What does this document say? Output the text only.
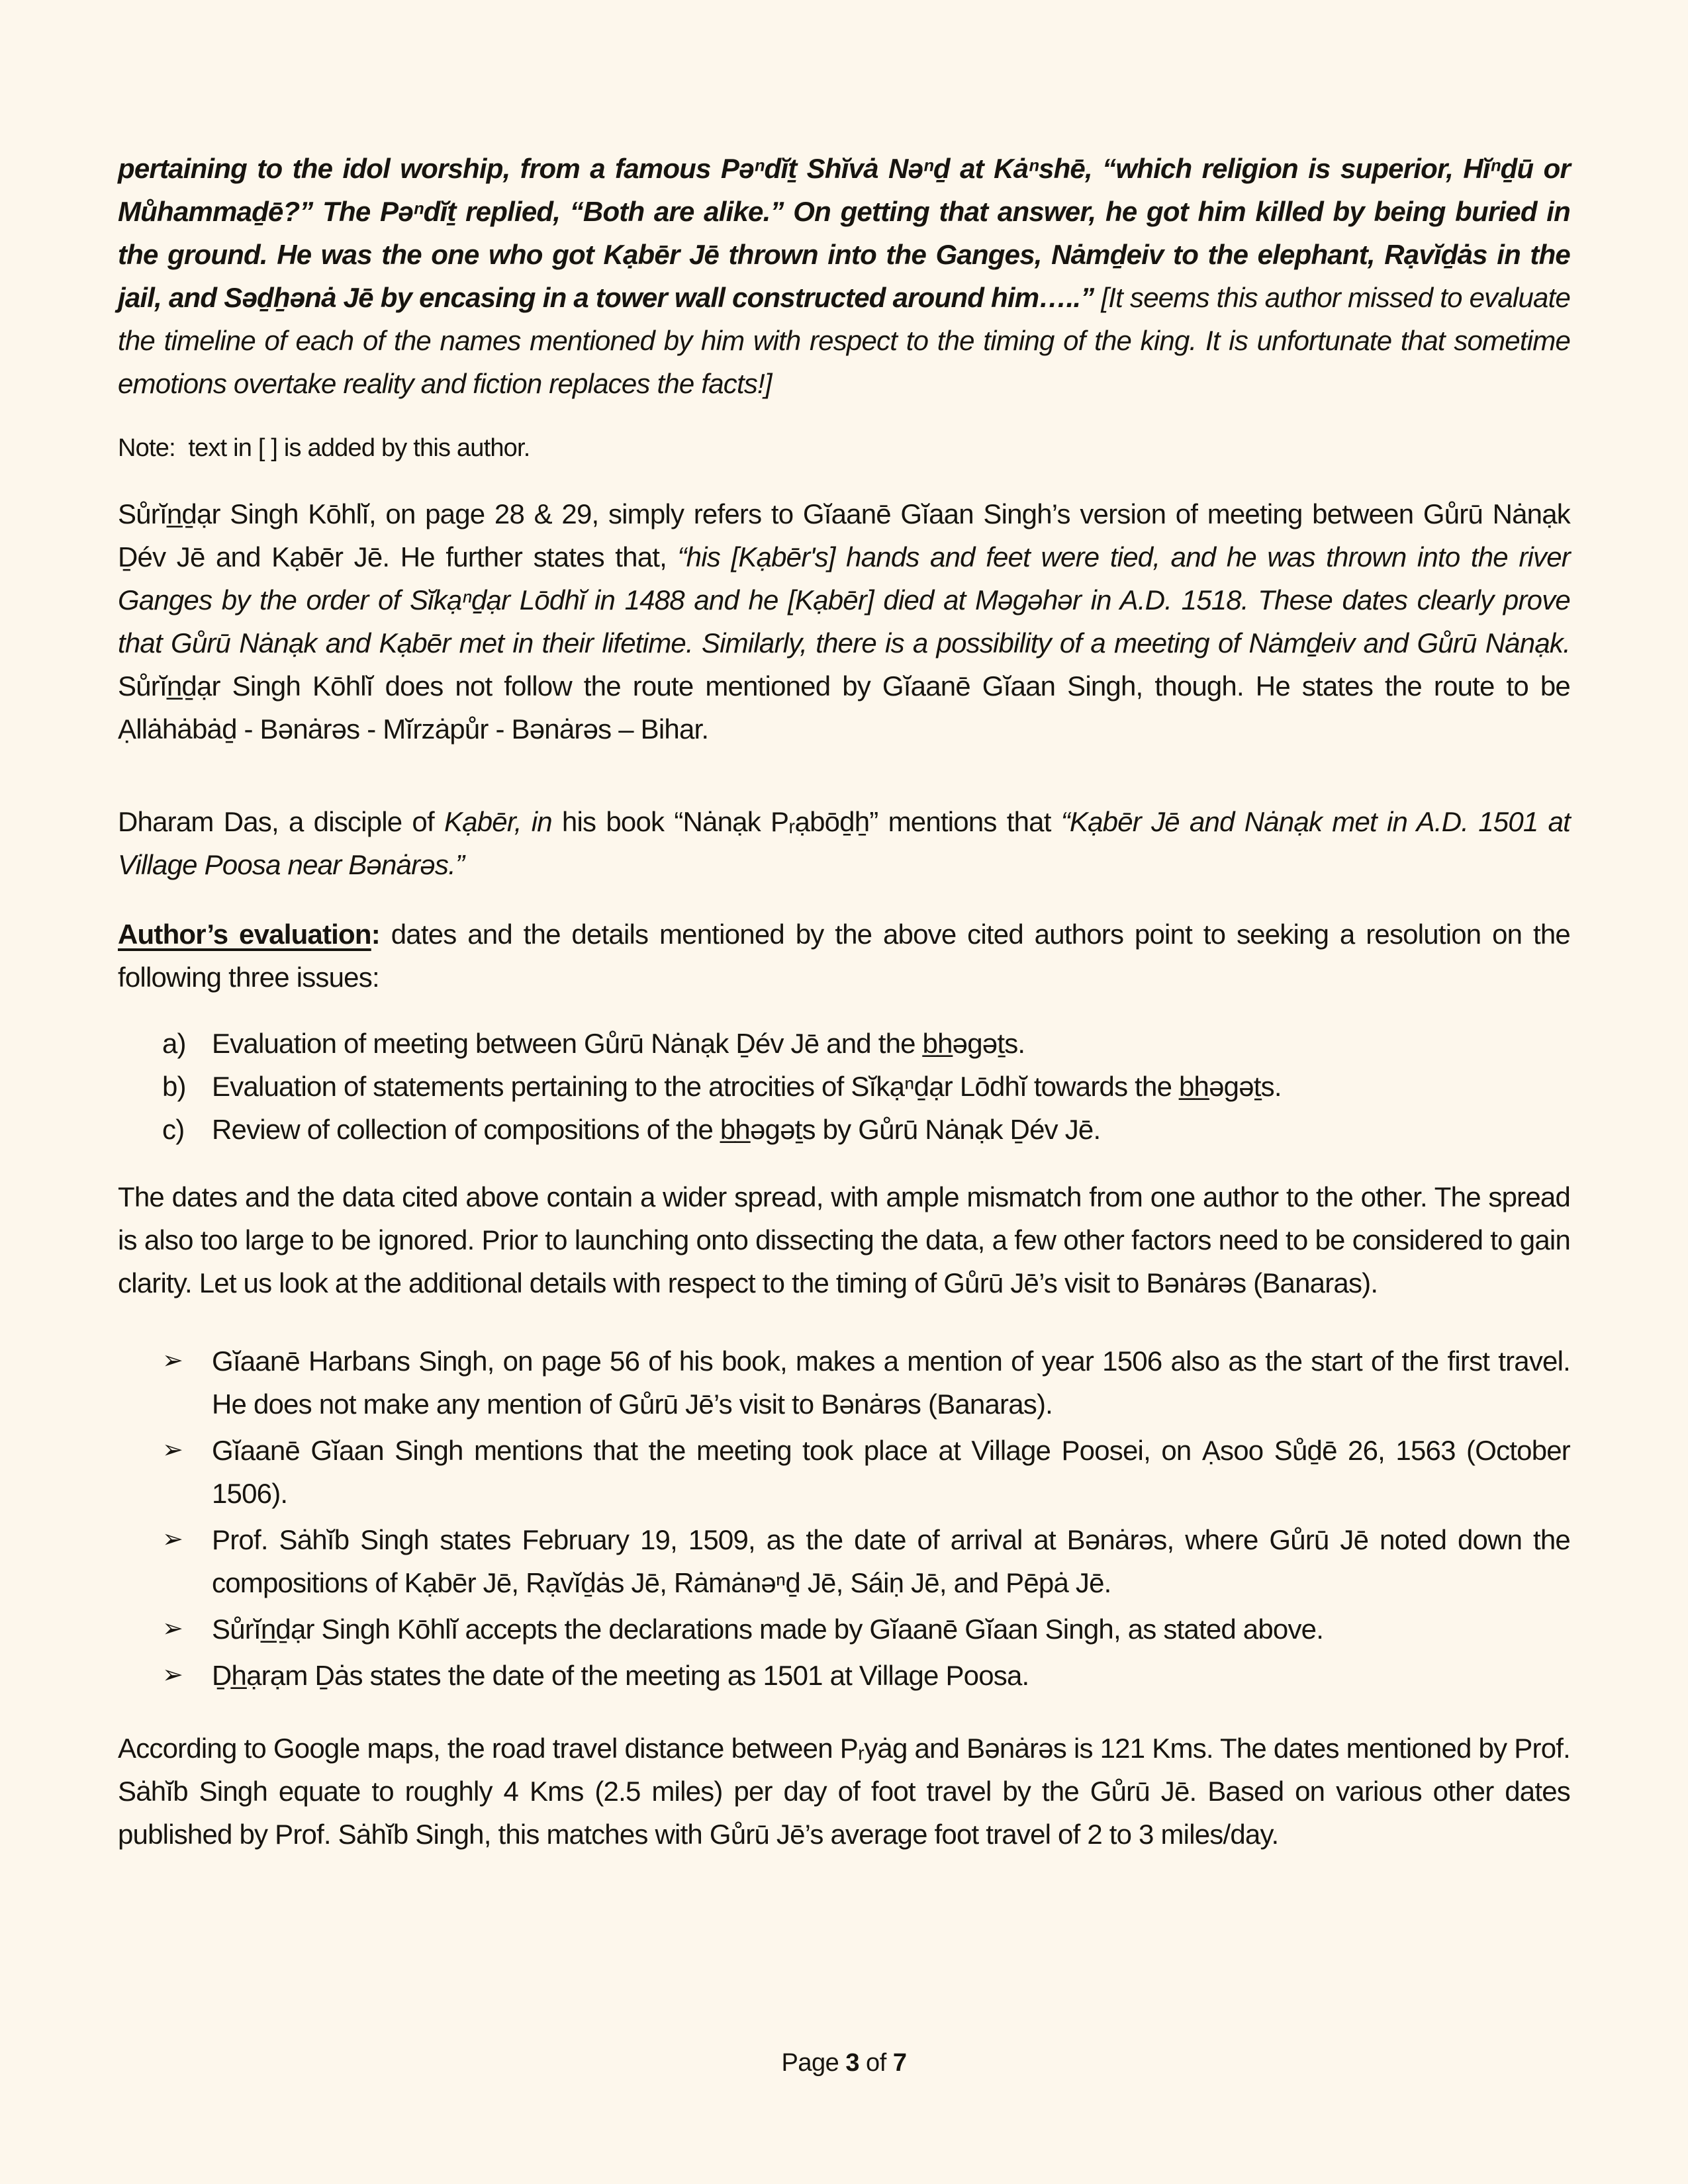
pertaining to the idol worship, from a famous Pəⁿdĭṯ Shĭvȧ Nəⁿḏ at Kȧⁿshē, “which religion is superior, Hĭⁿḏū or Můhammaḏē?” The Pəⁿdĭṯ replied, “Both are alike.” On getting that answer, he got him killed by being buried in the ground. He was the one who got Kạbēr Jē thrown into the Ganges, Nȧmḏeiv to the elephant, Rạvĭḏȧs in the jail, and Səḏẖənȧ Jē by encasing in a tower wall constructed around him…..” [It seems this author missed to evaluate the timeline of each of the names mentioned by him with respect to the timing of the king. It is unfortunate that sometime emotions overtake reality and fiction replaces the facts!]

Note:  text in [ ] is added by this author.

Sůrĭn̲ḏạr Singh Kōhlĭ, on page 28 & 29, simply refers to Gĭaanē Gĭaan Singh’s version of meeting between Gůrū Nȧnạk Ḏév Jē and Kạbēr Jē. He further states that, “his [Kạbēr's] hands and feet were tied, and he was thrown into the river Ganges by the order of Sĭkạⁿḏạr Lōdhĭ in 1488 and he [Kạbēr] died at Məgəhər in A.D. 1518. These dates clearly prove that Gůrū Nȧnạk and Kạbēr met in their lifetime. Similarly, there is a possibility of a meeting of Nȧmḏeiv and Gůrū Nȧnạk. Sůrĭn̲ḏạr Singh Kōhlĭ does not follow the route mentioned by Gĭaanē Gĭaan Singh, though. He states the route to be Ạllȧhȧbȧḏ - Bənȧrəs - Mĭrzȧpůr - Bənȧrəs – Bihar.

Dharam Das, a disciple of Kạbēr, in his book “Nȧnạk Pᵣạbōḏẖ” mentions that “Kạbēr Jē and Nȧnạk met in A.D. 1501 at Village Poosa near Bənȧrəs.”

Author’s evaluation: dates and the details mentioned by the above cited authors point to seeking a resolution on the following three issues:

a) Evaluation of meeting between Gůrū Nȧnạk Ḏév Jē and the b̲h̲əgəṯs.
b) Evaluation of statements pertaining to the atrocities of Sĭkạⁿḏạr Lōdhĭ towards the b̲h̲əgəṯs.
c) Review of collection of compositions of the b̲h̲əgəṯs by Gůrū Nȧnạk Ḏév Jē.

The dates and the data cited above contain a wider spread, with ample mismatch from one author to the other. The spread is also too large to be ignored. Prior to launching onto dissecting the data, a few other factors need to be considered to gain clarity. Let us look at the additional details with respect to the timing of Gůrū Jē’s visit to Bənȧrəs (Banaras).

➢	Gĭaanē Harbans Singh, on page 56 of his book, makes a mention of year 1506 also as the start of the first travel. He does not make any mention of Gůrū Jē’s visit to Bənȧrəs (Banaras).
➢	Gĭaanē Gĭaan Singh mentions that the meeting took place at Village Poosei, on Ạsoo Sůḏē 26, 1563 (October 1506).
➢	Prof. Sȧhĭb Singh states February 19, 1509, as the date of arrival at Bənȧrəs, where Gůrū Jē noted down the compositions of Kạbēr Jē, Rạvĭḏȧs Jē, Rȧmȧnəⁿḏ Jē, Sáiṇ Jē, and Pēpȧ Jē.
➢	Sůrĭn̲ḏạr Singh Kōhlĭ accepts the declarations made by Gĭaanē Gĭaan Singh, as stated above.
➢	Ḏh̲ạrạm Ḏȧs states the date of the meeting as 1501 at Village Poosa.

According to Google maps, the road travel distance between Pᵣyȧg and Bənȧrəs is 121 Kms. The dates mentioned by Prof. Sȧhĭb Singh equate to roughly 4 Kms (2.5 miles) per day of foot travel by the Gůrū Jē. Based on various other dates published by Prof. Sȧhĭb Singh, this matches with Gůrū Jē’s average foot travel of 2 to 3 miles/day.

Page 3 of 7
